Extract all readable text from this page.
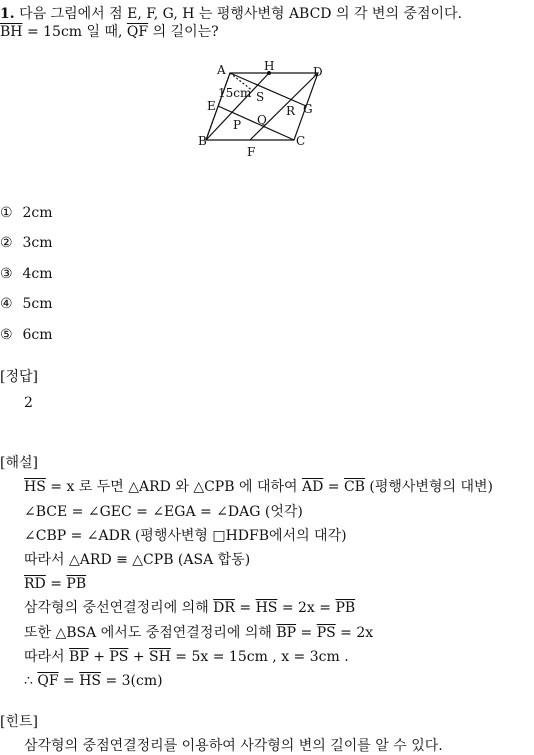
1. 다음 그림에서 점 E, F, G, H 는 평행사변형 ABCD 의 각 변의 중점이다.
$\overline{BH} = 15cm$ 일 때, $\overline{QF}$ 의 길이는?
A	H	D
E
15cm S
G
R
P Q
B	C
F
① 2cm
② 3cm
③ 4cm
④ 5cm
⑤ 6cm
[정답]
2
[해설]
$\overline{HS} = x$ 로 두면 △ARD 와 △CPB 에 대하여 $\overline{AD} = \overline{CB}$ (평행사변형의 대변)
∠BCE = ∠GEC = ∠EGA = ∠DAG (엇각)
∠CBP = ∠ADR (평행사변형 □HDFB에서의 대각)
따라서 △ARD ≡ △CPB (ASA 합동)
$\overline{RD} = \overline{PB}$
삼각형의 중선연결정리에 의해 $\overline{DR} = \overline{HS} = 2x = \overline{PB}$
또한 △BSA 에서도 중점연결정리에 의해 $\overline{BP} = \overline{PS} = 2x$
따라서 $\overline{BP} + \overline{PS} + \overline{SH} = 5x = 15cm$ , x = 3cm .
∴ $\overline{QF} = \overline{HS} = 3(cm)$
[힌트]
삼각형의 중점연결정리를 이용하여 사각형의 변의 길이를 알 수 있다.
